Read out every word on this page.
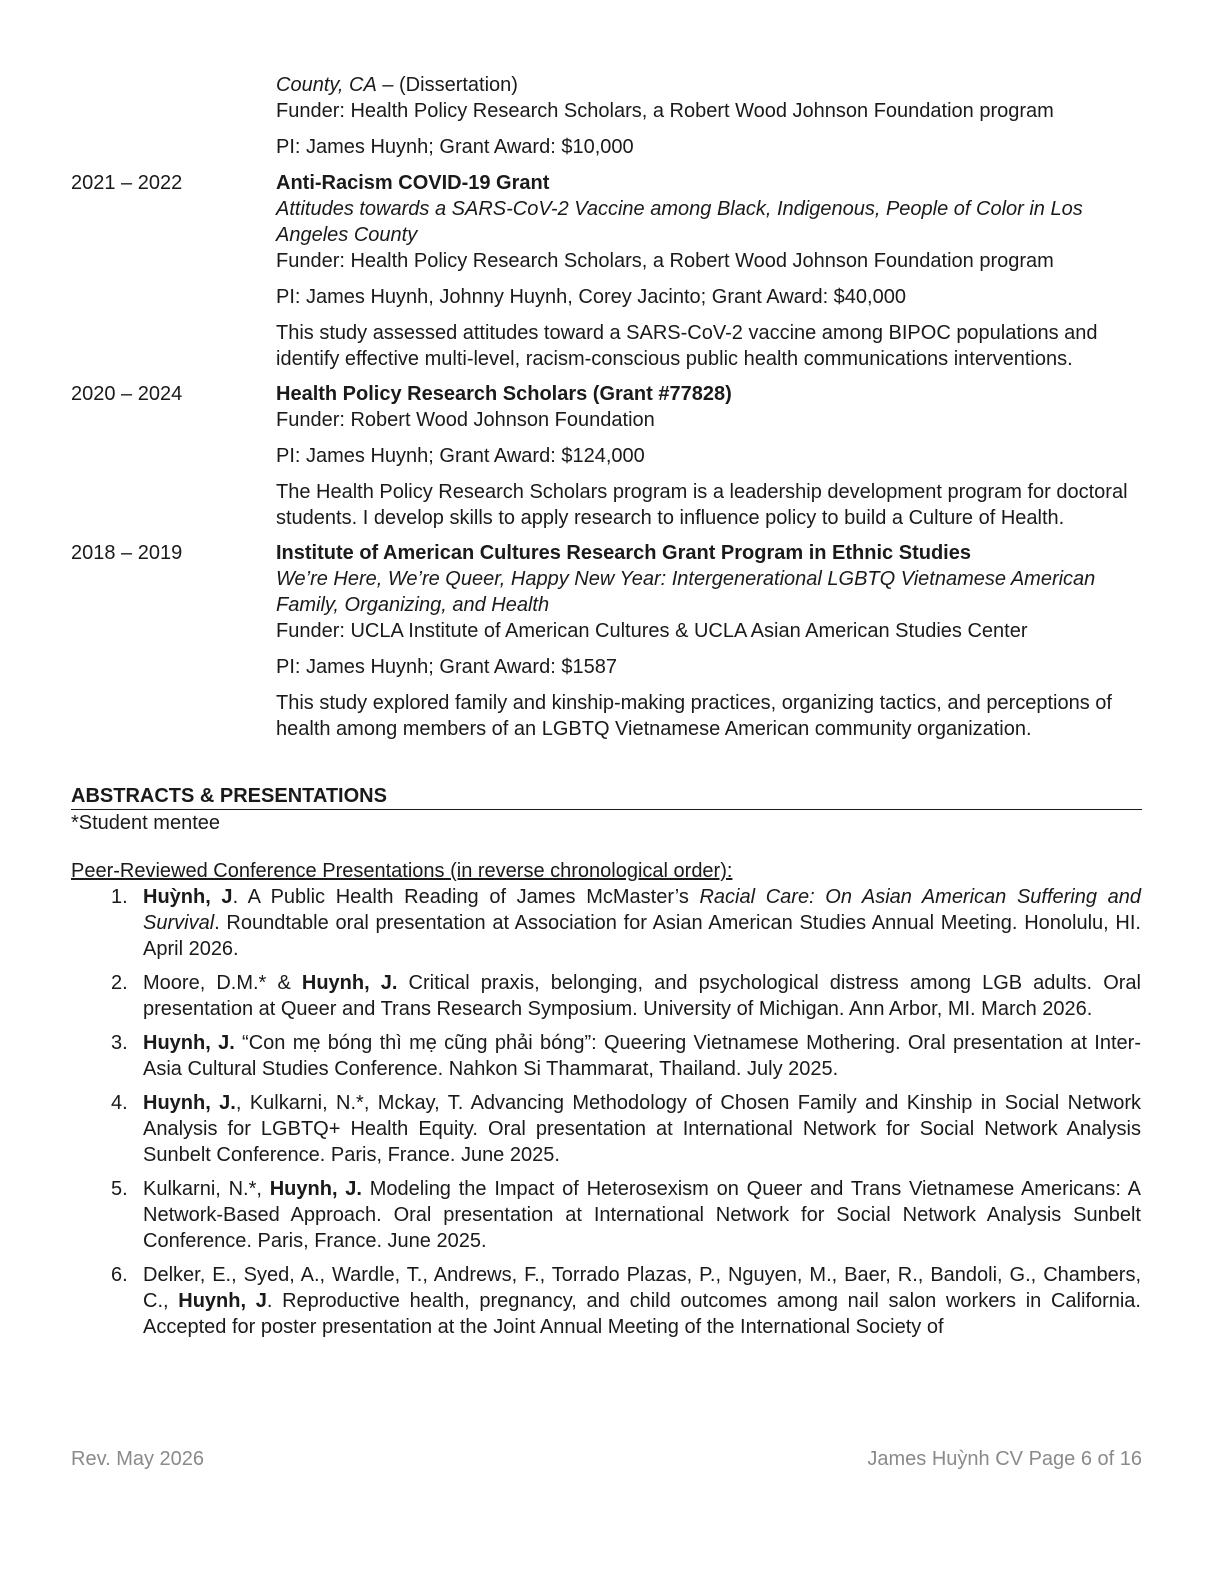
County, CA – (Dissertation)
Funder: Health Policy Research Scholars, a Robert Wood Johnson Foundation program
PI: James Huynh; Grant Award: $10,000
2021 – 2022	Anti-Racism COVID-19 Grant
Attitudes towards a SARS-CoV-2 Vaccine among Black, Indigenous, People of Color in Los Angeles County
Funder: Health Policy Research Scholars, a Robert Wood Johnson Foundation program
PI: James Huynh, Johnny Huynh, Corey Jacinto; Grant Award: $40,000
This study assessed attitudes toward a SARS-CoV-2 vaccine among BIPOC populations and identify effective multi-level, racism-conscious public health communications interventions.
2020 – 2024	Health Policy Research Scholars (Grant #77828)
Funder: Robert Wood Johnson Foundation
PI: James Huynh; Grant Award: $124,000
The Health Policy Research Scholars program is a leadership development program for doctoral students. I develop skills to apply research to influence policy to build a Culture of Health.
2018 – 2019	Institute of American Cultures Research Grant Program in Ethnic Studies
We’re Here, We’re Queer, Happy New Year: Intergenerational LGBTQ Vietnamese American Family, Organizing, and Health
Funder: UCLA Institute of American Cultures & UCLA Asian American Studies Center
PI: James Huynh; Grant Award: $1587
This study explored family and kinship-making practices, organizing tactics, and perceptions of health among members of an LGBTQ Vietnamese American community organization.
ABSTRACTS & PRESENTATIONS
*Student mentee
Peer-Reviewed Conference Presentations (in reverse chronological order):
1. Huỳnh, J. A Public Health Reading of James McMaster’s Racial Care: On Asian American Suffering and Survival. Roundtable oral presentation at Association for Asian American Studies Annual Meeting. Honolulu, HI. April 2026.
2. Moore, D.M.* & Huynh, J. Critical praxis, belonging, and psychological distress among LGB adults. Oral presentation at Queer and Trans Research Symposium. University of Michigan. Ann Arbor, MI. March 2026.
3. Huynh, J. “Con mẹ bóng thì mẹ cũng phải bóng”: Queering Vietnamese Mothering. Oral presentation at Inter-Asia Cultural Studies Conference. Nahkon Si Thammarat, Thailand. July 2025.
4. Huynh, J., Kulkarni, N.*, Mckay, T. Advancing Methodology of Chosen Family and Kinship in Social Network Analysis for LGBTQ+ Health Equity. Oral presentation at International Network for Social Network Analysis Sunbelt Conference. Paris, France. June 2025.
5. Kulkarni, N.*, Huynh, J. Modeling the Impact of Heterosexism on Queer and Trans Vietnamese Americans: A Network-Based Approach. Oral presentation at International Network for Social Network Analysis Sunbelt Conference. Paris, France. June 2025.
6. Delker, E., Syed, A., Wardle, T., Andrews, F., Torrado Plazas, P., Nguyen, M., Baer, R., Bandoli, G., Chambers, C., Huynh, J. Reproductive health, pregnancy, and child outcomes among nail salon workers in California. Accepted for poster presentation at the Joint Annual Meeting of the International Society of
Rev. May 2026	James Huỳnh CV Page 6 of 16
